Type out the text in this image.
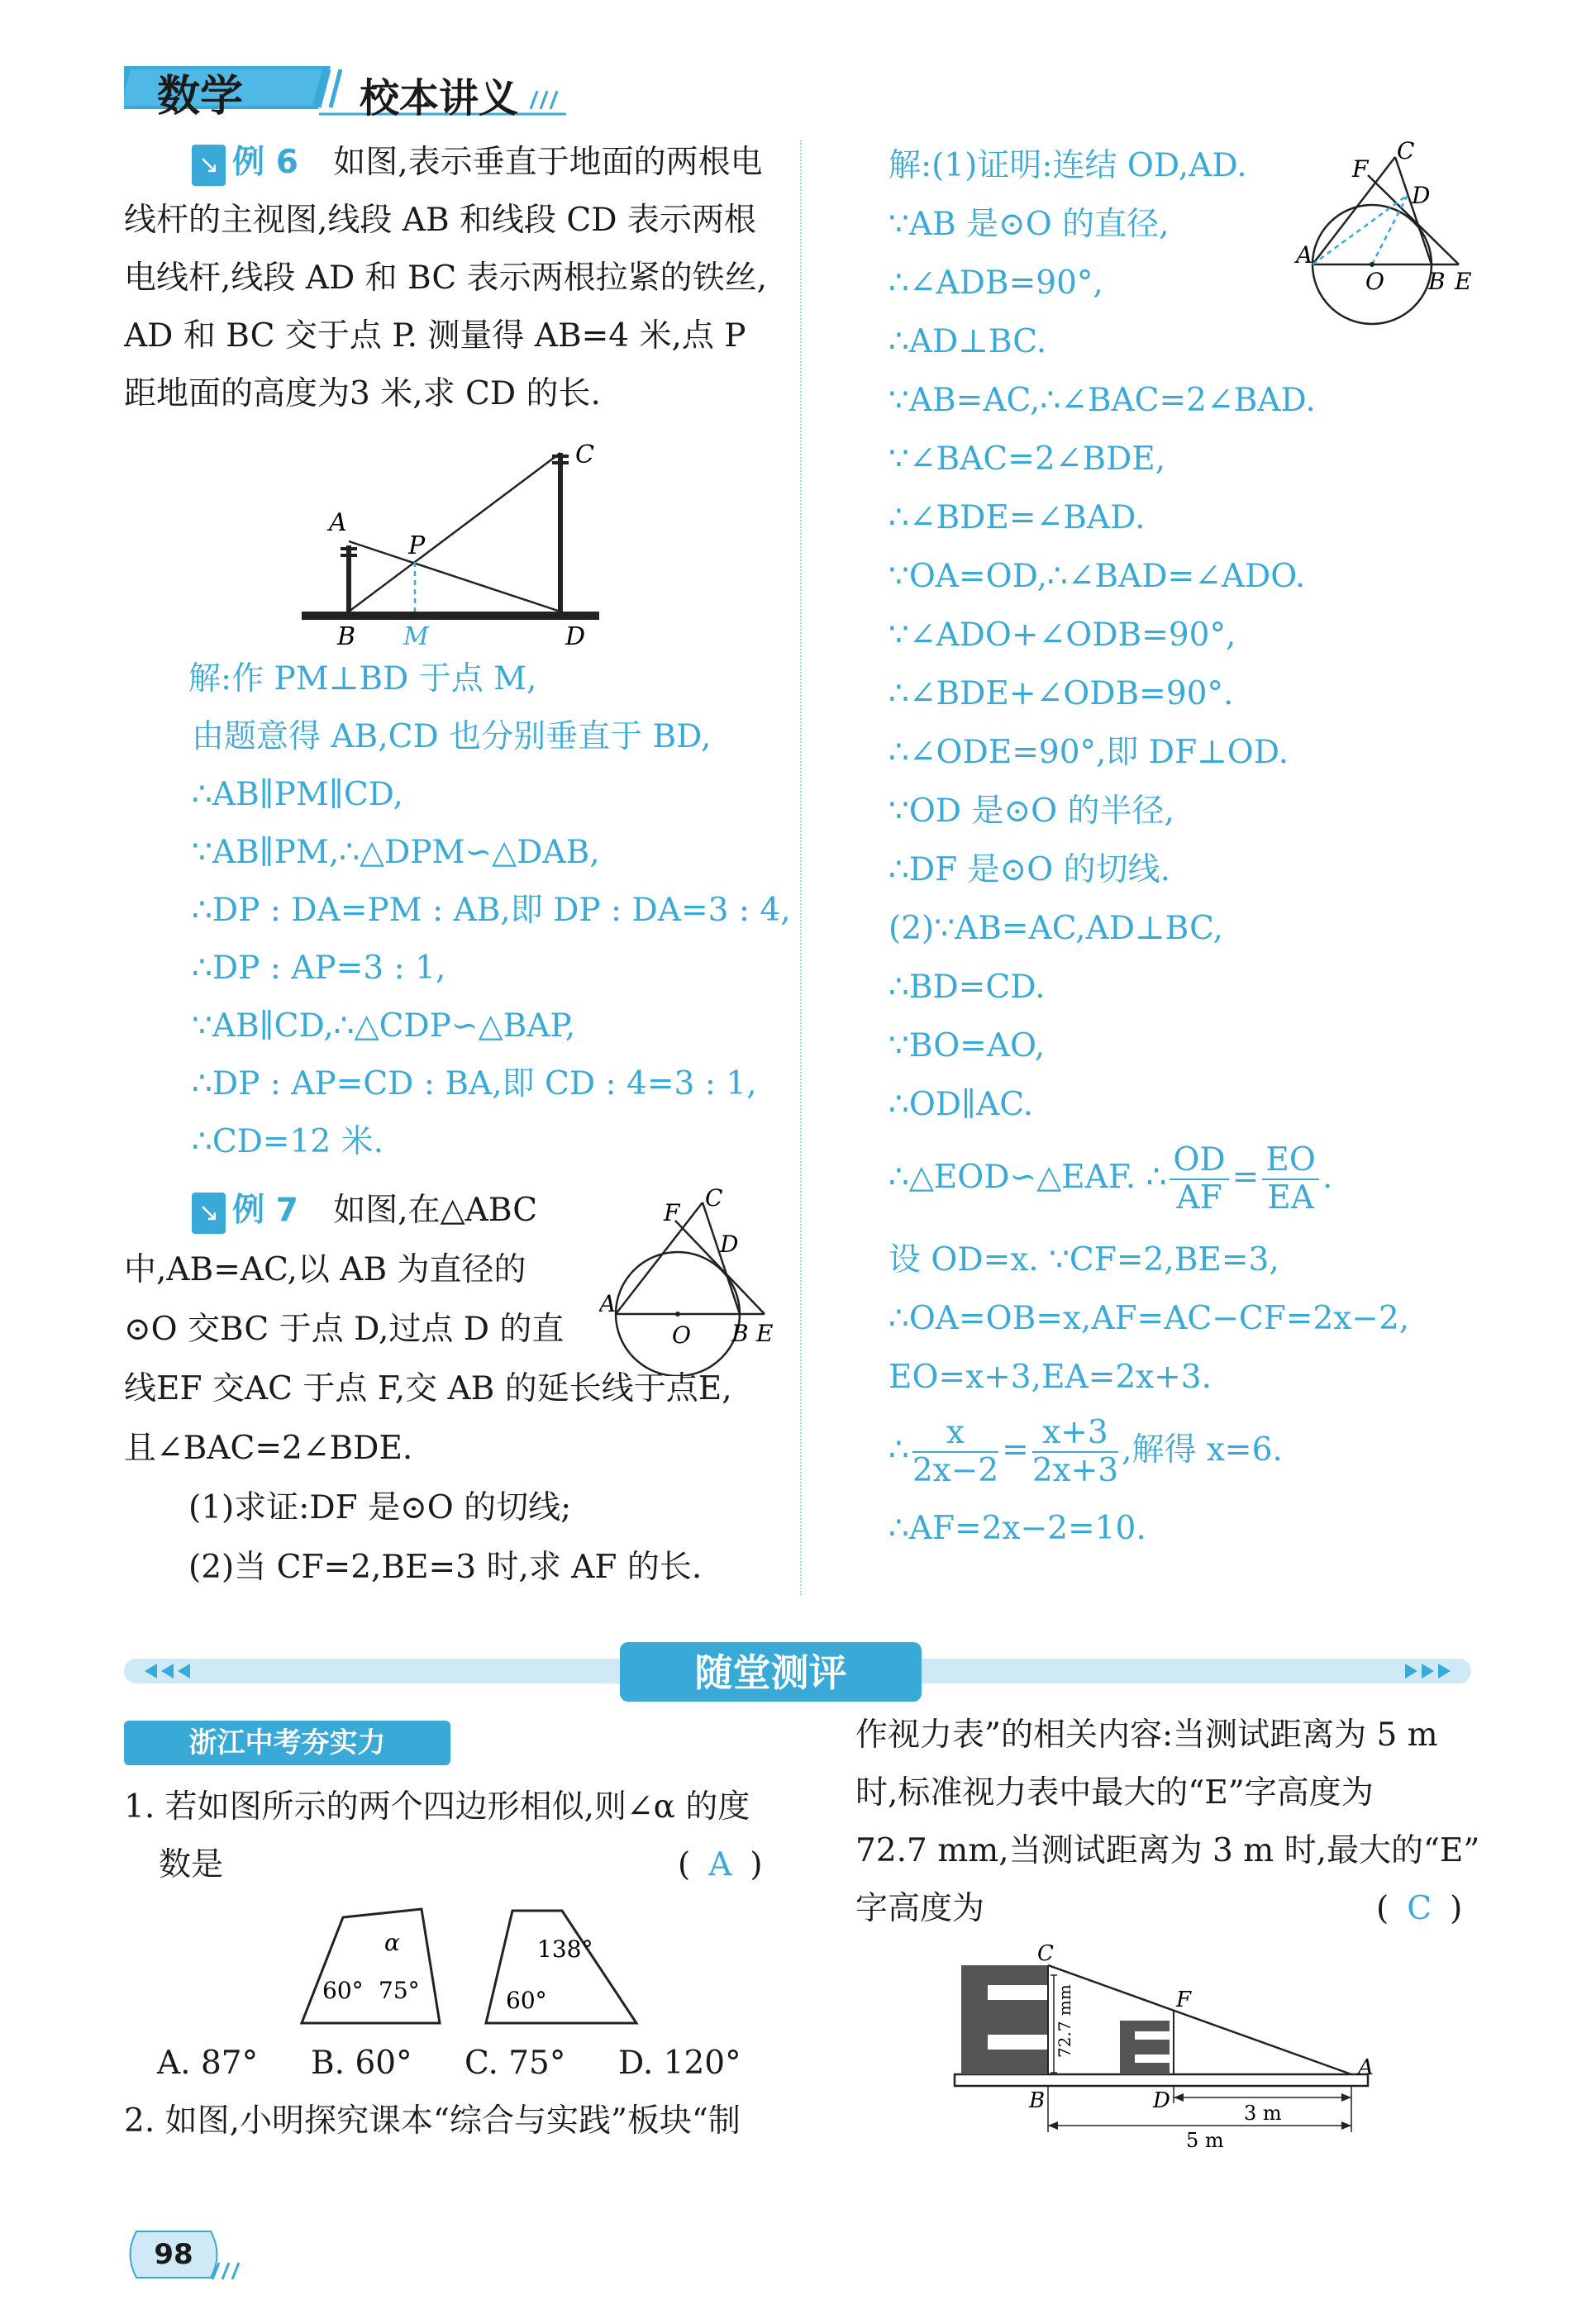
数学	校本讲义
↘ 例 6 如图,表示垂直于地面的两根电
线杆的主视图,线段 AB 和线段 CD 表示两根
电线杆,线段 AD 和 BC 表示两根拉紧的铁丝,
AD 和 BC 交于点 P. 测量得 AB=4 米,点 P
距地面的高度为3 米,求 CD 的长.
A
B
C
D
P
M
解:作 PM⊥BD 于点 M,
由题意得 AB,CD 也分别垂直于 BD,
∴AB∥PM∥CD,
∵AB∥PM,∴△DPM∽△DAB,
∴DP : DA=PM : AB,即 DP : DA=3 : 4,
∴DP : AP=3 : 1,
∵AB∥CD,∴△CDP∽△BAP,
∴DP : AP=CD : BA,即 CD : 4=3 : 1,
∴CD=12 米.
↘ 例 7 如图,在△ABC
中,AB=AC,以 AB 为直径的
⊙O 交BC 于点 D,过点 D 的直
线EF 交AC 于点 F,交 AB 的延长线于点E,
且∠BAC=2∠BDE.
(1)求证:DF 是⊙O 的切线;
(2)当 CF=2,BE=3 时,求 AF 的长.
A
O B E
C
F
D
A
O B E
C
F
D
解:(1)证明:连结 OD,AD.
∵AB 是⊙O 的直径,
∴∠ADB=90°,
∴AD⊥BC.
∵AB=AC,∴∠BAC=2∠BAD.
∵∠BAC=2∠BDE,
∴∠BDE=∠BAD.
∵OA=OD,∴∠BAD=∠ADO.
∵∠ADO+∠ODB=90°,
∴∠BDE+∠ODB=90°.
∴∠ODE=90°,即 DF⊥OD.
∵OD 是⊙O 的半径,
∴DF 是⊙O 的切线.
(2)∵AB=AC,AD⊥BC,
∴BD=CD.
∵BO=AO,
∴OD∥AC.
∴△EOD∽△EAF. ∴ $\frac{OD}{AF} = \frac{EO}{EA}$ .
设 OD=x. ∵CF=2,BE=3,
∴OA=OB=x,AF=AC−CF=2x−2,
EO=x+3,EA=2x+3.
∴ $\frac{x}{2x-2} = \frac{x+3}{2x+3}$ ,解得 x=6.
∴AF=2x−2=10.
随堂测评
浙江中考夯实力
1. 若如图所示的两个四边形相似,则∠α 的度
数是	( A )
α
60° 75°
138°
60°
A. 87° B. 60° C. 75° D. 120°
2. 如图,小明探究课本“综合与实践”板块“制
作视力表”的相关内容:当测试距离为 5 m
时,标准视力表中最大的“E”字高度为
72.7 mm,当测试距离为 3 m 时,最大的“E”
字高度为	( C )
C
F
A
B	D
72.7 mm
3 m
5 m
98
